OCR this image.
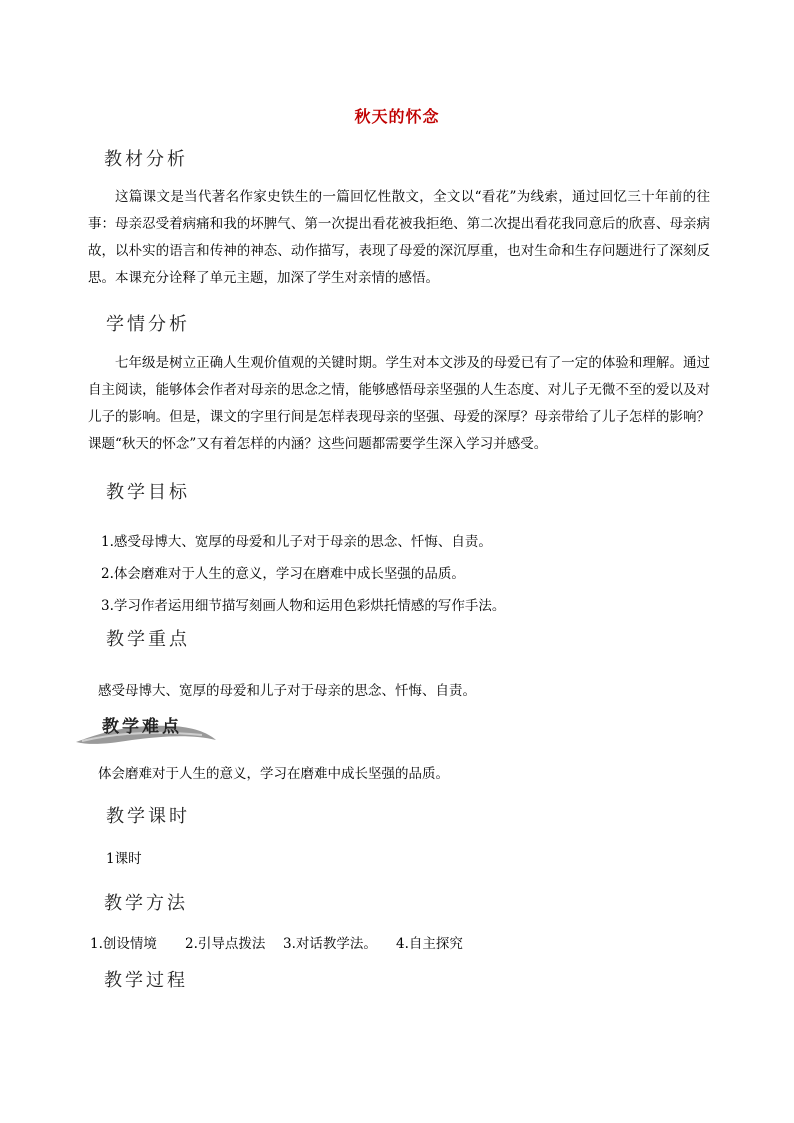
秋天的怀念
教材分析

这篇课文是当代著名作家史铁生的一篇回忆性散文，全文以“看花”为线索，通过回忆三十年前的往事：母亲忍受着病痛和我的坏脾气、第一次提出看花被我拒绝、第二次提出看花我同意后的欣喜、母亲病故，以朴实的语言和传神的神态、动作描写，表现了母爱的深沉厚重，也对生命和生存问题进行了深刻反思。本课充分诠释了单元主题，加深了学生对亲情的感悟。

学情分析

七年级是树立正确人生观价值观的关键时期。学生对本文涉及的母爱已有了一定的体验和理解。通过自主阅读，能够体会作者对母亲的思念之情，能够感悟母亲坚强的人生态度、对儿子无微不至的爱以及对儿子的影响。但是，课文的字里行间是怎样表现母亲的坚强、母爱的深厚？母亲带给了儿子怎样的影响？课题“秋天的怀念”又有着怎样的内涵？这些问题都需要学生深入学习并感受。

教学目标

1.感受母博大、宽厚的母爱和儿子对于母亲的思念、忏悔、自责。

2.体会磨难对于人生的意义，学习在磨难中成长坚强的品质。

3.学习作者运用细节描写刻画人物和运用色彩烘托情感的写作手法。

教学重点

感受母博大、宽厚的母爱和儿子对于母亲的思念、忏悔、自责。

教学难点

体会磨难对于人生的意义，学习在磨难中成长坚强的品质。

教学课时

1课时

教学方法

1.创设情境 2.引导点拨法 3.对话教学法。 4.自主探究

教学过程
